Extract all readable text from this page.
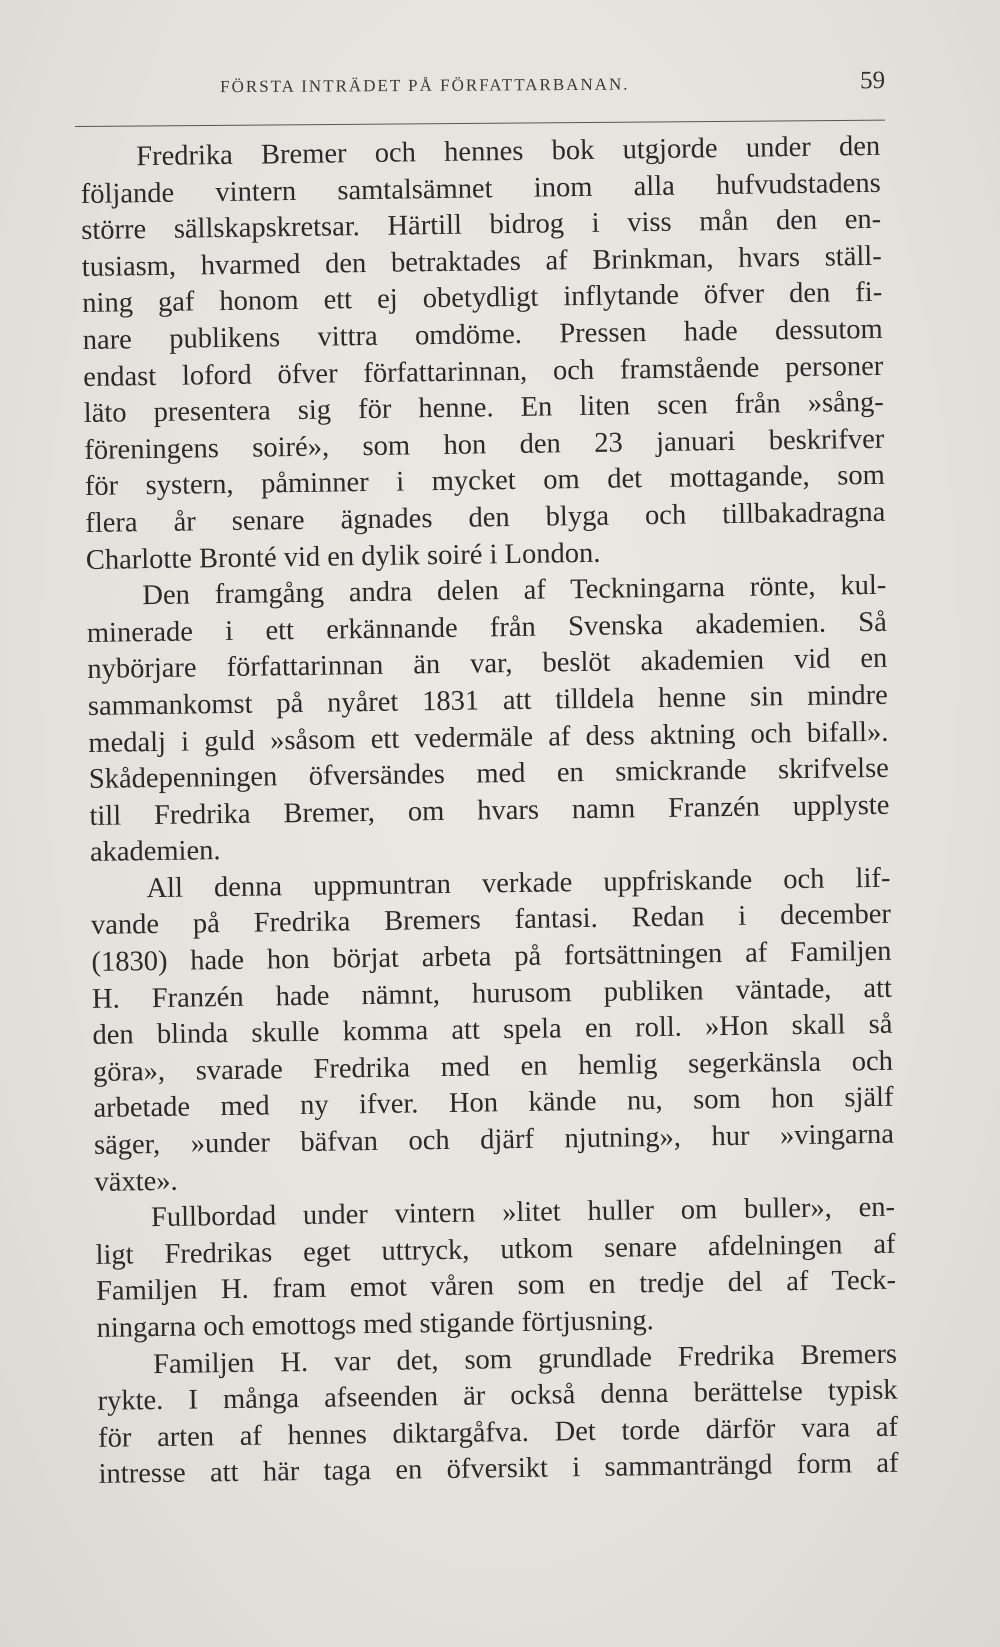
FÖRSTA INTRÄDET PÅ FÖRFATTARBANAN.	59

Fredrika Bremer och hennes bok utgjorde under den

följande vintern samtalsämnet inom alla hufvudstadens

större sällskapskretsar. Härtill bidrog i viss mån den en-

tusiasm, hvarmed den betraktades af Brinkman, hvars ställ-

ning gaf honom ett ej obetydligt inflytande öfver den fi-

nare publikens vittra omdöme. Pressen hade dessutom

endast loford öfver författarinnan, och framstående personer

läto presentera sig för henne. En liten scen från »sång-

föreningens soiré», som hon den 23 januari beskrifver

för systern, påminner i mycket om det mottagande, som

flera år senare ägnades den blyga och tillbakadragna

Charlotte Bronté vid en dylik soiré i London.

Den framgång andra delen af Teckningarna rönte, kul-

minerade i ett erkännande från Svenska akademien. Så

nybörjare författarinnan än var, beslöt akademien vid en

sammankomst på nyåret 1831 att tilldela henne sin mindre

medalj i guld »såsom ett vedermäle af dess aktning och bifall».

Skådepenningen öfversändes med en smickrande skrifvelse

till Fredrika Bremer, om hvars namn Franzén upplyste

akademien.

All denna uppmuntran verkade uppfriskande och lif-

vande på Fredrika Bremers fantasi. Redan i december

(1830) hade hon börjat arbeta på fortsättningen af Familjen

H. Franzén hade nämnt, hurusom publiken väntade, att

den blinda skulle komma att spela en roll. »Hon skall så

göra», svarade Fredrika med en hemlig segerkänsla och

arbetade med ny ifver. Hon kände nu, som hon själf

säger, »under bäfvan och djärf njutning», hur »vingarna

växte».

Fullbordad under vintern »litet huller om buller», en-

ligt Fredrikas eget uttryck, utkom senare afdelningen af

Familjen H. fram emot våren som en tredje del af Teck-

ningarna och emottogs med stigande förtjusning.

Familjen H. var det, som grundlade Fredrika Bremers

rykte. I många afseenden är också denna berättelse typisk

för arten af hennes diktargåfva. Det torde därför vara af

intresse att här taga en öfversikt i sammanträngd form af
